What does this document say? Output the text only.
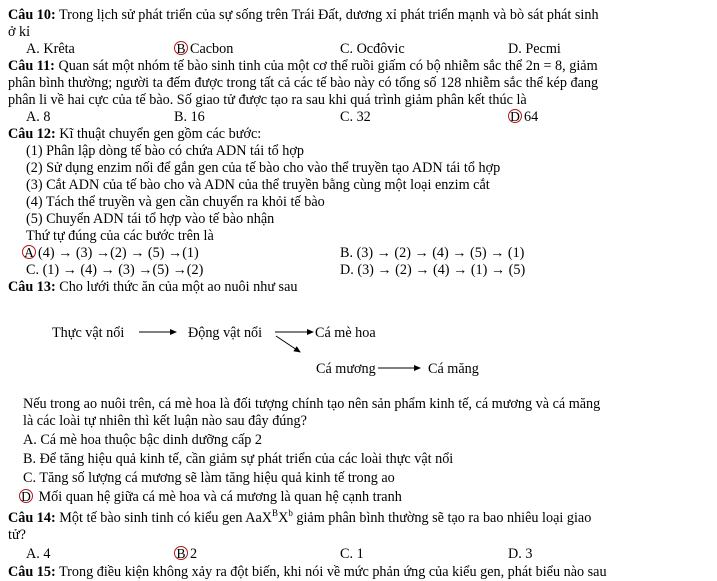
Câu 10: Trong lịch sử phát triển của sự sống trên Trái Đất, dương xỉ phát triển mạnh và bò sát phát sinh
ở kỉ
A. Krêta	B Cacbon	C. Ocđôvic	D. Pecmi
Câu 11: Quan sát một nhóm tế bào sinh tinh của một cơ thể ruồi giấm có bộ nhiễm sắc thể 2n = 8, giảm
phân bình thường; người ta đếm được trong tất cả các tế bào này có tổng số 128 nhiễm sắc thể kép đang
phân li về hai cực của tế bào. Số giao tử được tạo ra sau khi quá trình giảm phân kết thúc là
A. 8	B. 16	C. 32	D 64
Câu 12: Kĩ thuật chuyển gen gồm các bước:
(1) Phân lập dòng tế bào có chứa ADN tái tổ hợp
(2) Sử dụng enzim nối để gắn gen của tế bào cho vào thể truyền tạo ADN tái tổ hợp
(3) Cắt ADN của tế bào cho và ADN của thể truyền bằng cùng một loại enzim cắt
(4) Tách thể truyền và gen cần chuyển ra khỏi tế bào
(5) Chuyển ADN tái tổ hợp vào tế bào nhận
Thứ tự đúng của các bước trên là
A (4) → (3) →(2) → (5) →(1)	B. (3) → (2) → (4) → (5) → (1)
C. (1) → (4) → (3) →(5) →(2)	D. (3) → (2) → (4) → (1) → (5)
Câu 13: Cho lưới thức ăn của một ao nuôi như sau
Thực vật nổi	Động vật nổi	Cá mè hoa
Cá mương	Cá măng
Nếu trong ao nuôi trên, cá mè hoa là đối tượng chính tạo nên sản phẩm kinh tế, cá mương và cá măng
là các loài tự nhiên thì kết luận nào sau đây đúng?
A. Cá mè hoa thuộc bậc dinh dưỡng cấp 2
B. Để tăng hiệu quả kinh tế, cần giảm sự phát triển của các loài thực vật nổi
C. Tăng số lượng cá mương sẽ làm tăng hiệu quả kinh tế trong ao
D Mối quan hệ giữa cá mè hoa và cá mương là quan hệ cạnh tranh
Câu 14: Một tế bào sinh tinh có kiểu gen $AaX^BX^b$ giảm phân bình thường sẽ tạo ra bao nhiêu loại giao
tử?
A. 4	B 2	C. 1	D. 3
Câu 15: Trong điều kiện không xảy ra đột biến, khi nói về mức phản ứng của kiểu gen, phát biểu nào sau
